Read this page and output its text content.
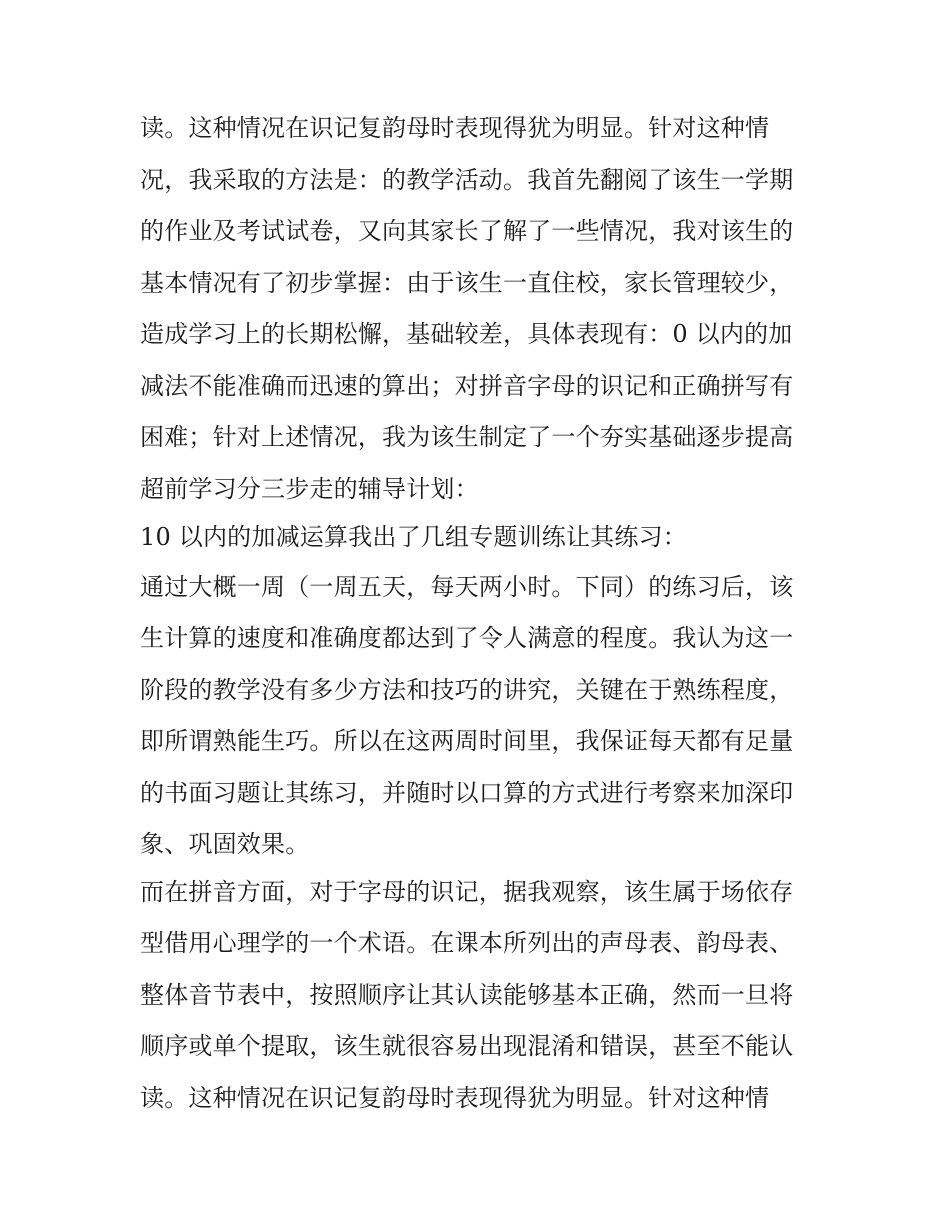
读。这种情况在识记复韵母时表现得犹为明显。针对这种情
况，我采取的方法是：的教学活动。我首先翻阅了该生一学期
的作业及考试试卷，又向其家长了解了一些情况，我对该生的
基本情况有了初步掌握：由于该生一直住校，家长管理较少，
造成学习上的长期松懈，基础较差，具体表现有：0 以内的加
减法不能准确而迅速的算出；对拼音字母的识记和正确拼写有
困难；针对上述情况，我为该生制定了一个夯实基础逐步提高
超前学习分三步走的辅导计划：
10 以内的加减运算我出了几组专题训练让其练习：
通过大概一周（一周五天，每天两小时。下同）的练习后，该
生计算的速度和准确度都达到了令人满意的程度。我认为这一
阶段的教学没有多少方法和技巧的讲究，关键在于熟练程度，
即所谓熟能生巧。所以在这两周时间里，我保证每天都有足量
的书面习题让其练习，并随时以口算的方式进行考察来加深印
象、巩固效果。
而在拼音方面，对于字母的识记，据我观察，该生属于场依存
型借用心理学的一个术语。在课本所列出的声母表、韵母表、
整体音节表中，按照顺序让其认读能够基本正确，然而一旦将
顺序或单个提取，该生就很容易出现混淆和错误，甚至不能认
读。这种情况在识记复韵母时表现得犹为明显。针对这种情
